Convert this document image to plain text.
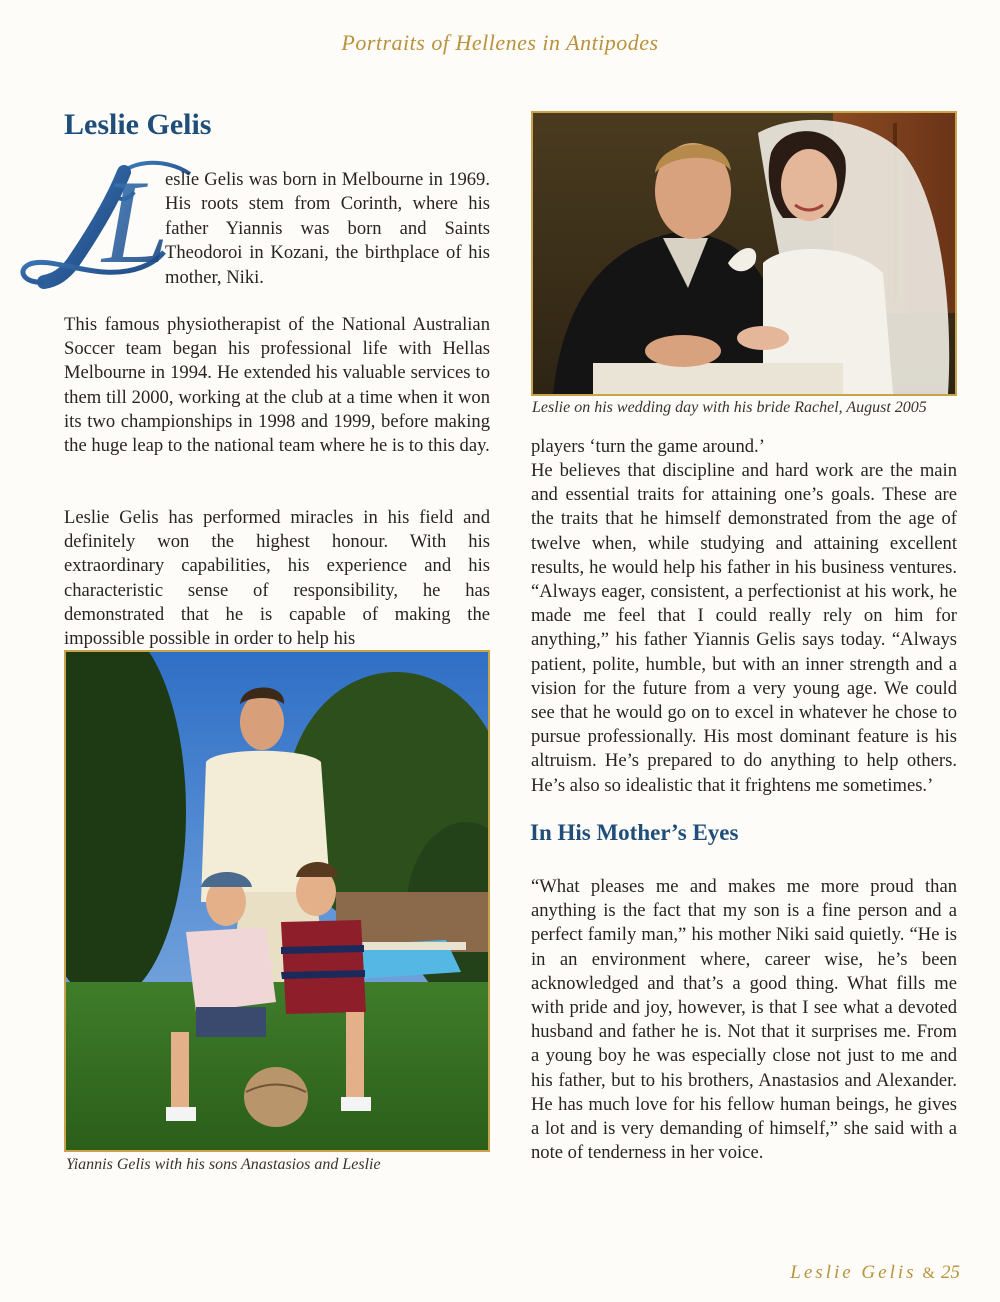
Portraits of Hellenes in Antipodes
Leslie Gelis
L

eslie Gelis was born in Melbourne in 1969. His roots stem from Corinth, where his father Yiannis was born and Saints Theodoroi in Kozani, the birthplace of his mother, Niki.

This famous physiotherapist of the National Australian Soccer team began his professional life with Hellas Melbourne in 1994. He extended his valuable services to them till 2000, working at the club at a time when it won its two championships in 1998 and 1999, before making the huge leap to the national team where he is to this day.

Leslie Gelis has performed miracles in his field and definitely won the highest honour. With his extraordinary capabilities, his experience and his characteristic sense of responsibility, he has demonstrated that he is capable of making the impossible possible in order to help his

Leslie on his wedding day with his bride Rachel, August 2005

players ‘turn the game around.’

He believes that discipline and hard work are the main and essential traits for attaining one’s goals. These are the traits that he himself demonstrated from the age of twelve when, while studying and attaining excellent results, he would help his father in his business ventures. “Always eager, consistent, a perfectionist at his work, he made me feel that I could really rely on him for anything,” his father Yiannis Gelis says today. “Always patient, polite, humble, but with an inner strength and a vision for the future from a very young age. We could see that he would go on to excel in whatever he chose to pursue professionally. His most dominant feature is his altruism. He’s prepared to do anything to help others. He’s also so idealistic that it frightens me sometimes.’

In His Mother’s Eyes

“What pleases me and makes me more proud than anything is the fact that my son is a fine person and a perfect family man,” his mother Niki said quietly. “He is in an environment where, career wise, he’s been acknowledged and that’s a good thing. What fills me with pride and joy, however, is that I see what a devoted husband and father he is. Not that it surprises me. From a young boy he was especially close not just to me and his father, but to his brothers, Anastasios and Alexander. He has much love for his fellow human beings, he gives a lot and is very demanding of himself,” she said with a note of tenderness in her voice.

Yiannis Gelis with his sons Anastasios and Leslie

Leslie Gelis & 25
